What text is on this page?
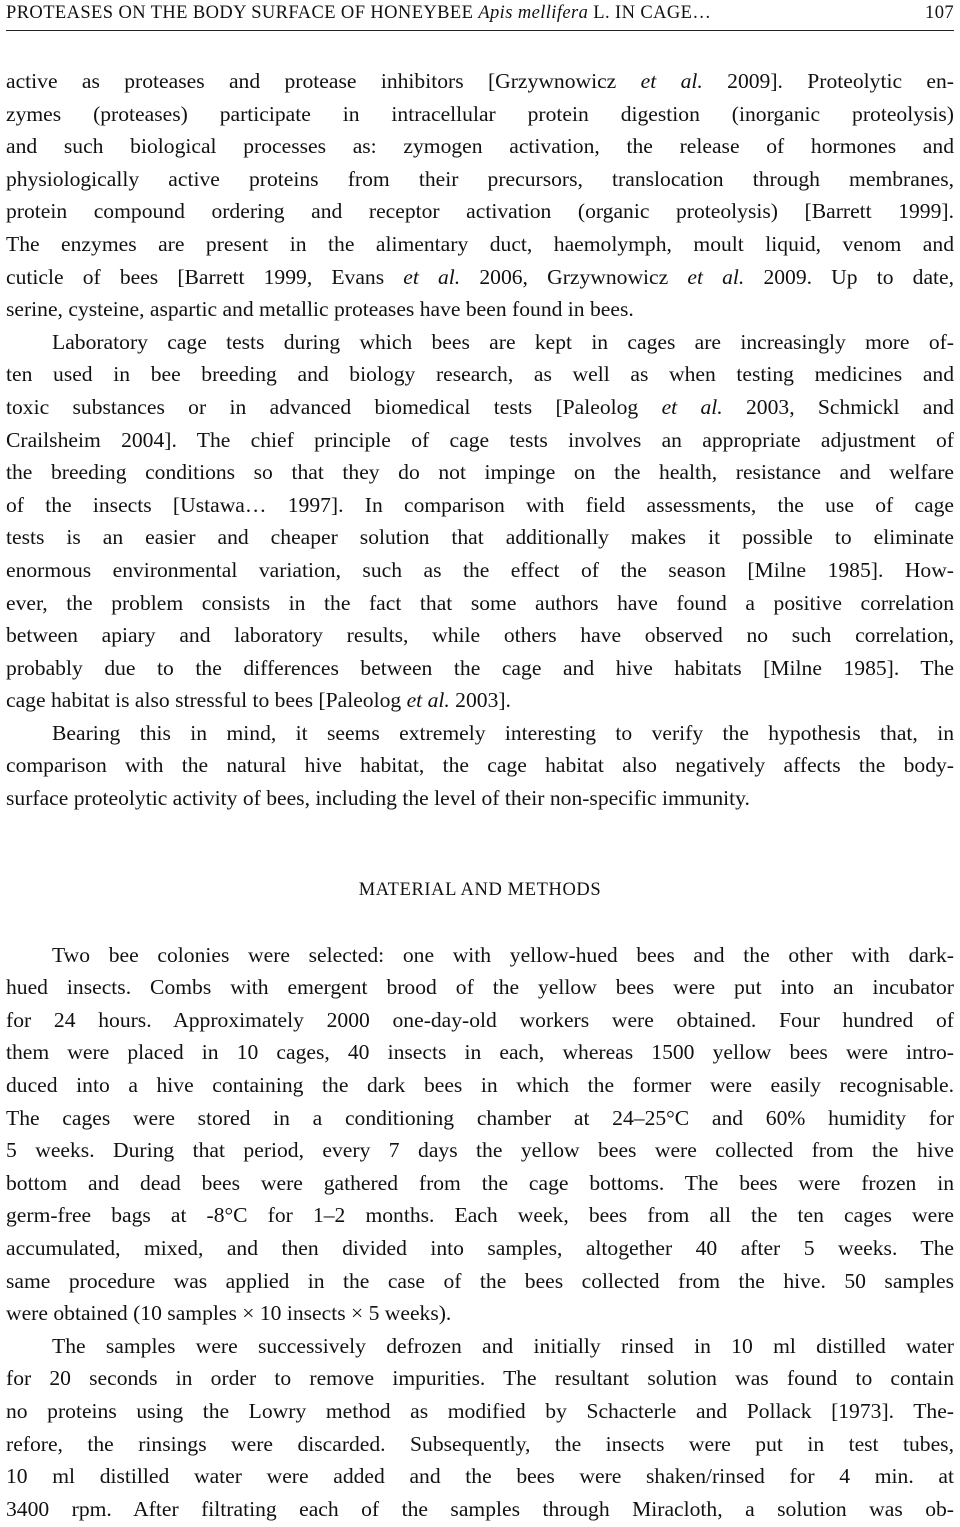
PROTEASES ON THE BODY SURFACE OF HONEYBEE Apis mellifera L. IN CAGE…	107
active as proteases and protease inhibitors [Grzywnowicz et al. 2009]. Proteolytic en-
zymes (proteases) participate in intracellular protein digestion (inorganic proteolysis)
and such biological processes as: zymogen activation, the release of hormones and
physiologically active proteins from their precursors, translocation through membranes,
protein compound ordering and receptor activation (organic proteolysis) [Barrett 1999].
The enzymes are present in the alimentary duct, haemolymph, moult liquid, venom and
cuticle of bees [Barrett 1999, Evans et al. 2006, Grzywnowicz et al. 2009. Up to date,
serine, cysteine, aspartic and metallic proteases have been found in bees.
Laboratory cage tests during which bees are kept in cages are increasingly more of-
ten used in bee breeding and biology research, as well as when testing medicines and
toxic substances or in advanced biomedical tests [Paleolog et al. 2003, Schmickl and
Crailsheim 2004]. The chief principle of cage tests involves an appropriate adjustment of
the breeding conditions so that they do not impinge on the health, resistance and welfare
of the insects [Ustawa… 1997]. In comparison with field assessments, the use of cage
tests is an easier and cheaper solution that additionally makes it possible to eliminate
enormous environmental variation, such as the effect of the season [Milne 1985]. How-
ever, the problem consists in the fact that some authors have found a positive correlation
between apiary and laboratory results, while others have observed no such correlation,
probably due to the differences between the cage and hive habitats [Milne 1985]. The
cage habitat is also stressful to bees [Paleolog et al. 2003].
Bearing this in mind, it seems extremely interesting to verify the hypothesis that, in
comparison with the natural hive habitat, the cage habitat also negatively affects the body-
surface proteolytic activity of bees, including the level of their non-specific immunity.
MATERIAL AND METHODS
Two bee colonies were selected: one with yellow-hued bees and the other with dark-
hued insects. Combs with emergent brood of the yellow bees were put into an incubator
for 24 hours. Approximately 2000 one-day-old workers were obtained. Four hundred of
them were placed in 10 cages, 40 insects in each, whereas 1500 yellow bees were intro-
duced into a hive containing the dark bees in which the former were easily recognisable.
The cages were stored in a conditioning chamber at 24–25°C and 60% humidity for
5 weeks. During that period, every 7 days the yellow bees were collected from the hive
bottom and dead bees were gathered from the cage bottoms. The bees were frozen in
germ-free bags at -8°C for 1–2 months. Each week, bees from all the ten cages were
accumulated, mixed, and then divided into samples, altogether 40 after 5 weeks. The
same procedure was applied in the case of the bees collected from the hive. 50 samples
were obtained (10 samples × 10 insects × 5 weeks).
The samples were successively defrozen and initially rinsed in 10 ml distilled water
for 20 seconds in order to remove impurities. The resultant solution was found to contain
no proteins using the Lowry method as modified by Schacterle and Pollack [1973]. The-
refore, the rinsings were discarded. Subsequently, the insects were put in test tubes,
10 ml distilled water were added and the bees were shaken/rinsed for 4 min. at
3400 rpm. After filtrating each of the samples through Miracloth, a solution was ob-
